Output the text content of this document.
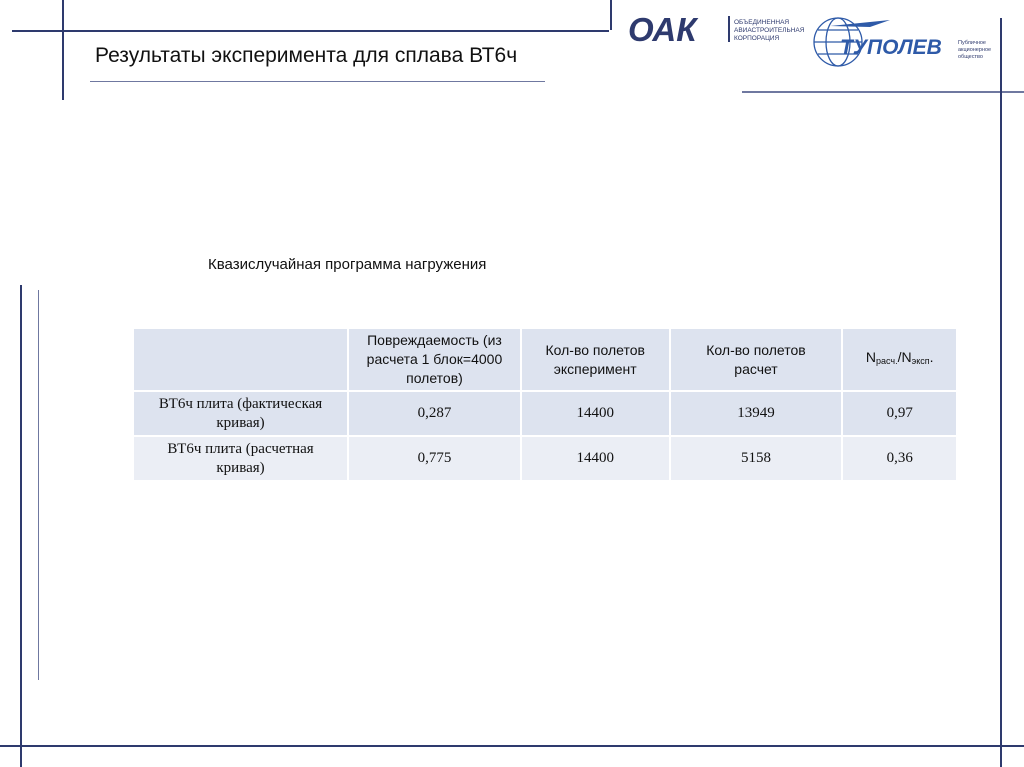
ОАК	ОБЪЕДИНЕННАЯ
АВИАСТРОИТЕЛЬНАЯ
КОРПОРАЦИЯ	ТУПОЛЕВ	Публичное
акционерное
общество
Результаты эксперимента для сплава ВТ6ч
Квазислучайная программа нагружения
	Повреждаемость (из расчета 1 блок=4000 полетов)	Кол-во полетов эксперимент	Кол-во полетов расчет	$N_{расч.}/N_{эксп}$.
ВТ6ч плита (фактическая кривая)	0,287	14400	13949	0,97
ВТ6ч плита (расчетная кривая)	0,775	14400	5158	0,36
